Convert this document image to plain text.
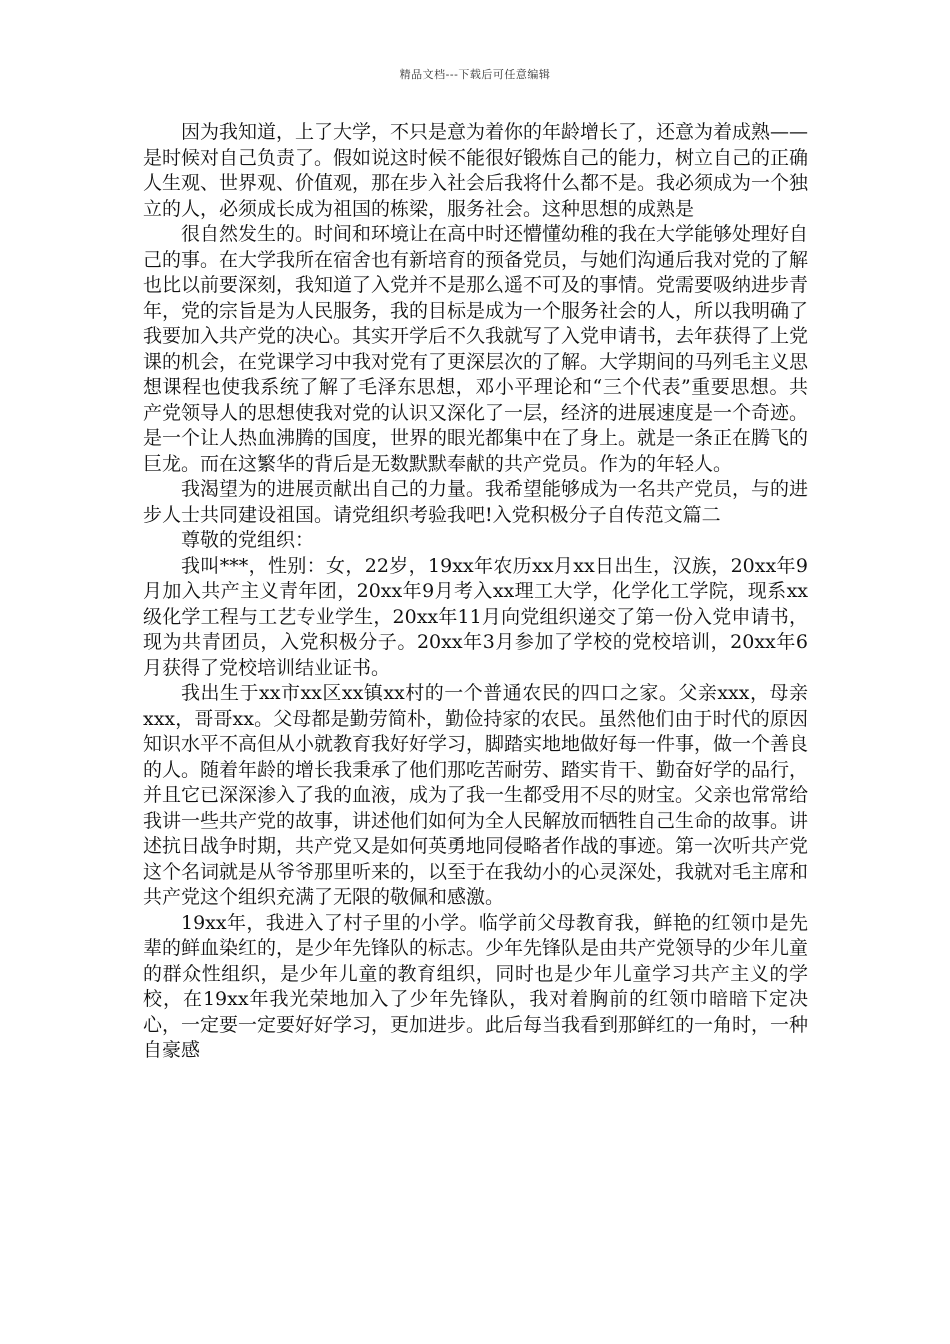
精品文档---下载后可任意编辑

因为我知道，上了大学，不只是意为着你的年龄增长了，还意为着成熟——是时候对自己负责了。假如说这时候不能很好锻炼自己的能力，树立自己的正确人生观、世界观、价值观，那在步入社会后我将什么都不是。我必须成为一个独立的人，必须成长成为祖国的栋梁，服务社会。这种思想的成熟是

很自然发生的。时间和环境让在高中时还懵懂幼稚的我在大学能够处理好自己的事。在大学我所在宿舍也有新培育的预备党员，与她们沟通后我对党的了解也比以前要深刻，我知道了入党并不是那么遥不可及的事情。党需要吸纳进步青年，党的宗旨是为人民服务，我的目标是成为一个服务社会的人，所以我明确了我要加入共产党的决心。其实开学后不久我就写了入党申请书，去年获得了上党课的机会，在党课学习中我对党有了更深层次的了解。大学期间的马列毛主义思想课程也使我系统了解了毛泽东思想，邓小平理论和“三个代表”重要思想。共产党领导人的思想使我对党的认识又深化了一层，经济的进展速度是一个奇迹。是一个让人热血沸腾的国度，世界的眼光都集中在了身上。就是一条正在腾飞的巨龙。而在这繁华的背后是无数默默奉献的共产党员。作为的年轻人。

我渴望为的进展贡献出自己的力量。我希望能够成为一名共产党员，与的进步人士共同建设祖国。请党组织考验我吧!入党积极分子自传范文篇二

尊敬的党组织：

我叫***，性别：女，22岁，19xx年农历xx月xx日出生，汉族，20xx年9月加入共产主义青年团，20xx年9月考入xx理工大学，化学化工学院，现系xx级化学工程与工艺专业学生，20xx年11月向党组织递交了第一份入党申请书，现为共青团员，入党积极分子。20xx年3月参加了学校的党校培训，20xx年6月获得了党校培训结业证书。

我出生于xx市xx区xx镇xx村的一个普通农民的四口之家。父亲xxx，母亲xxx，哥哥xx。父母都是勤劳简朴，勤俭持家的农民。虽然他们由于时代的原因知识水平不高但从小就教育我好好学习，脚踏实地地做好每一件事，做一个善良的人。随着年龄的增长我秉承了他们那吃苦耐劳、踏实肯干、勤奋好学的品行，并且它已深深渗入了我的血液，成为了我一生都受用不尽的财宝。父亲也常常给我讲一些共产党的故事，讲述他们如何为全人民解放而牺牲自己生命的故事。讲述抗日战争时期，共产党又是如何英勇地同侵略者作战的事迹。第一次听共产党这个名词就是从爷爷那里听来的，以至于在我幼小的心灵深处，我就对毛主席和共产党这个组织充满了无限的敬佩和感激。

19xx年，我进入了村子里的小学。临学前父母教育我，鲜艳的红领巾是先辈的鲜血染红的，是少年先锋队的标志。少年先锋队是由共产党领导的少年儿童的群众性组织，是少年儿童的教育组织，同时也是少年儿童学习共产主义的学校，在19xx年我光荣地加入了少年先锋队，我对着胸前的红领巾暗暗下定决心，一定要一定要好好学习，更加进步。此后每当我看到那鲜红的一角时，一种自豪感
